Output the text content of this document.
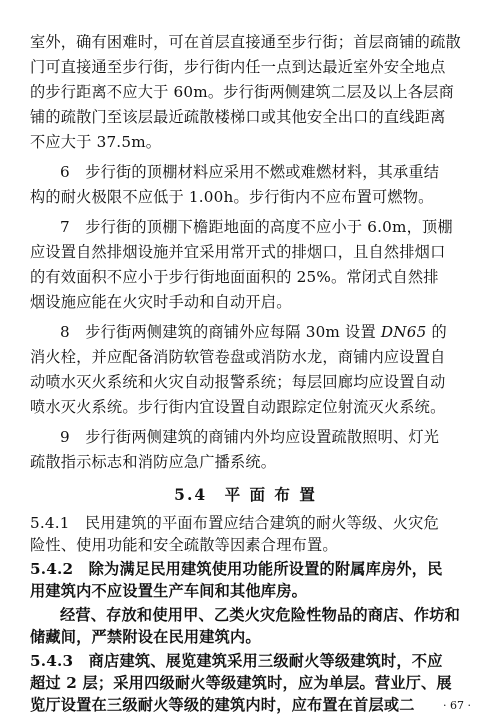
室外，确有困难时，可在首层直接通至步行街；首层商铺的疏散
门可直接通至步行街，步行街内任一点到达最近室外安全地点
的步行距离不应大于 60m。步行街两侧建筑二层及以上各层商
铺的疏散门至该层最近疏散楼梯口或其他安全出口的直线距离
不应大于 37.5m。
6　步行街的顶棚材料应采用不燃或难燃材料，其承重结
构的耐火极限不应低于 1.00h。步行街内不应布置可燃物。
7　步行街的顶棚下檐距地面的高度不应小于 6.0m，顶棚
应设置自然排烟设施并宜采用常开式的排烟口，且自然排烟口
的有效面积不应小于步行街地面面积的 25%。常闭式自然排
烟设施应能在火灾时手动和自动开启。
8　步行街两侧建筑的商铺外应每隔 30m 设置 DN65 的
消火栓，并应配备消防软管卷盘或消防水龙，商铺内应设置自
动喷水灭火系统和火灾自动报警系统；每层回廊均应设置自动
喷水灭火系统。步行街内宜设置自动跟踪定位射流灭火系统。
9　步行街两侧建筑的商铺内外均应设置疏散照明、灯光
疏散指示标志和消防应急广播系统。
5.4　平 面 布 置
· 67 ·
5.4.1　民用建筑的平面布置应结合建筑的耐火等级、火灾危
险性、使用功能和安全疏散等因素合理布置。
5.4.2　除为满足民用建筑使用功能所设置的附属库房外，民
用建筑内不应设置生产车间和其他库房。
经营、存放和使用甲、乙类火灾危险性物品的商店、作坊和
储藏间，严禁附设在民用建筑内。
5.4.3　商店建筑、展览建筑采用三级耐火等级建筑时，不应
超过 2 层；采用四级耐火等级建筑时，应为单层。营业厅、展
览厅设置在三级耐火等级的建筑内时，应布置在首层或二
